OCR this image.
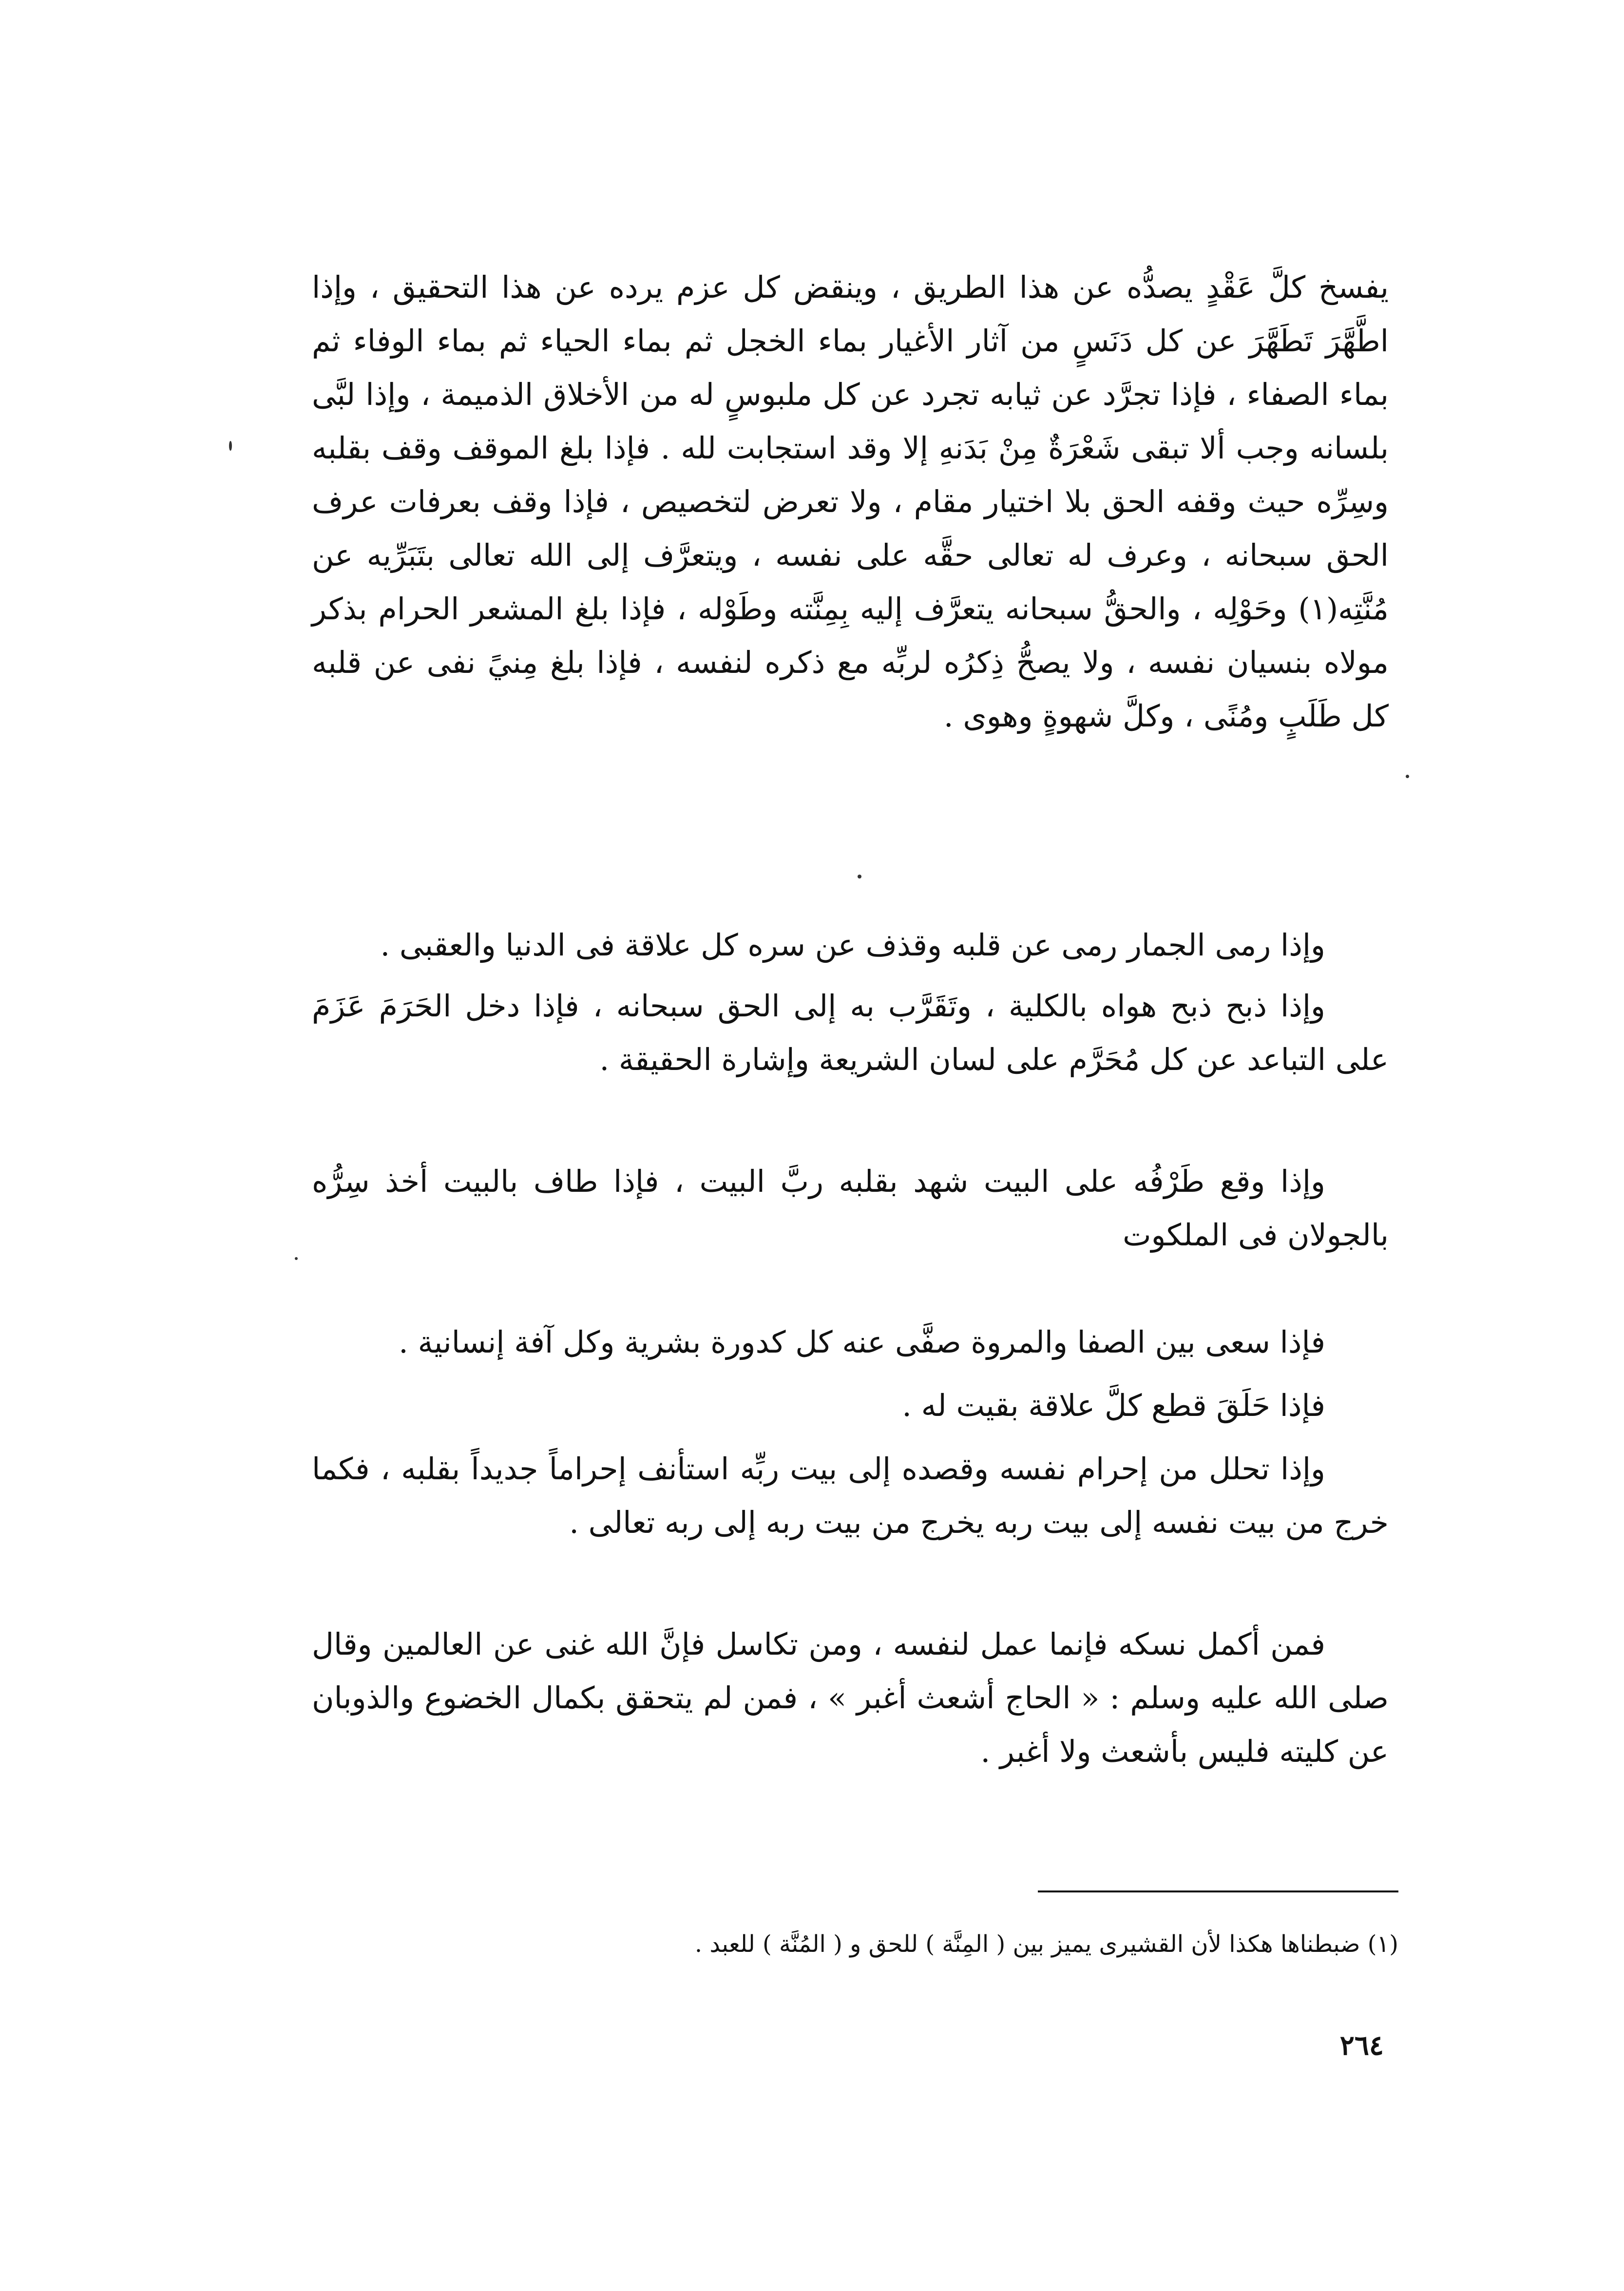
يفسخ كلَّ عَقْدٍ يصدُّه عن هذا الطريق ، وينقض كل عزم يرده عن هذا التحقيق ، وإذا اطَّهَّرَ تَطَهَّرَ عن كل دَنَسٍ من آثار الأغيار بماء الخجل ثم بماء الحياء ثم بماء الوفاء ثم بماء الصفاء ، فإذا تجرَّد عن ثيابه تجرد عن كل ملبوسٍ له من الأخلاق الذميمة ، وإذا لبَّى بلسانه وجب ألا تبقى شَعْرَةٌ مِنْ بَدَنهِ إلا وقد استجابت لله . فإذا بلغ الموقف وقف بقلبه وسِرِّه حيث وقفه الحق بلا اختيار مقام ، ولا تعرض لتخصيص ، فإذا وقف بعرفات عرف الحق سبحانه ، وعرف له تعالى حقَّه على نفسه ، ويتعرَّف إلى الله تعالى بتَبَرِّيه عن مُنَّتِه(١) وحَوْلِه ، والحقُّ سبحانه يتعرَّف إليه بِمِنَّته وطَوْله ، فإذا بلغ المشعر الحرام بذكر مولاه بنسيان نفسه ، ولا يصحُّ ذِكرُه لربِّه مع ذكره لنفسه ، فإذا بلغ مِنيً نفى عن قلبه كل طَلَبٍ ومُنًى ، وكلَّ شهوةٍ وهوى .

وإذا رمى الجمار رمى عن قلبه وقذف عن سره كل علاقة فى الدنيا والعقبى .

وإذا ذبح ذبح هواه بالكلية ، وتَقَرَّب به إلى الحق سبحانه ، فإذا دخل الحَرَمَ عَزَمَ على التباعد عن كل مُحَرَّم على لسان الشريعة وإشارة الحقيقة .

وإذا وقع طَرْفُه على البيت شهد بقلبه ربَّ البيت ، فإذا طاف بالبيت أخذ سِرُّه بالجولان فى الملكوت

فإذا سعى بين الصفا والمروة صفَّى عنه كل كدورة بشرية وكل آفة إنسانية .

فإذا حَلَقَ قطع كلَّ علاقة بقيت له .

وإذا تحلل من إحرام نفسه وقصده إلى بيت ربِّه استأنف إحراماً جديداً بقلبه ، فكما خرج من بيت نفسه إلى بيت ربه يخرج من بيت ربه إلى ربه تعالى .

فمن أكمل نسكه فإنما عمل لنفسه ، ومن تكاسل فإنَّ الله غنى عن العالمين وقال صلى الله عليه وسلم : « الحاج أشعث أغبر » ، فمن لم يتحقق بكمال الخضوع والذوبان عن كليته فليس بأشعث ولا أغبر .

(١) ضبطناها هكذا لأن القشيرى يميز بين ( المِنَّة ) للحق و ( المُنَّة ) للعبد .

٢٦٤
